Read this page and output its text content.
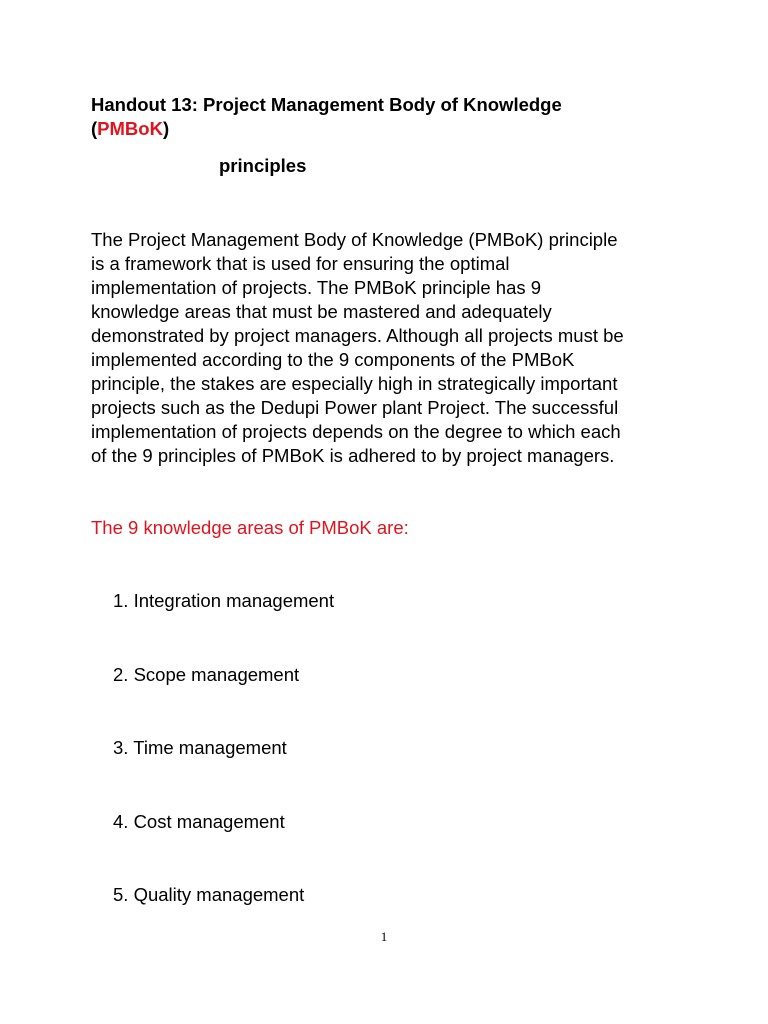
Handout 13: Project Management Body of Knowledge
(PMBoK)
principles

The Project Management Body of Knowledge (PMBoK) principle
is a framework that is used for ensuring the optimal
implementation of projects. The PMBoK principle has 9
knowledge areas that must be mastered and adequately
demonstrated by project managers. Although all projects must be
implemented according to the 9 components of the PMBoK
principle, the stakes are especially high in strategically important
projects such as the Dedupi Power plant Project. The successful
implementation of projects depends on the degree to which each
of the 9 principles of PMBoK is adhered to by project managers.

The 9 knowledge areas of PMBoK are:

1. Integration management
2. Scope management
3. Time management
4. Cost management
5. Quality management
1
